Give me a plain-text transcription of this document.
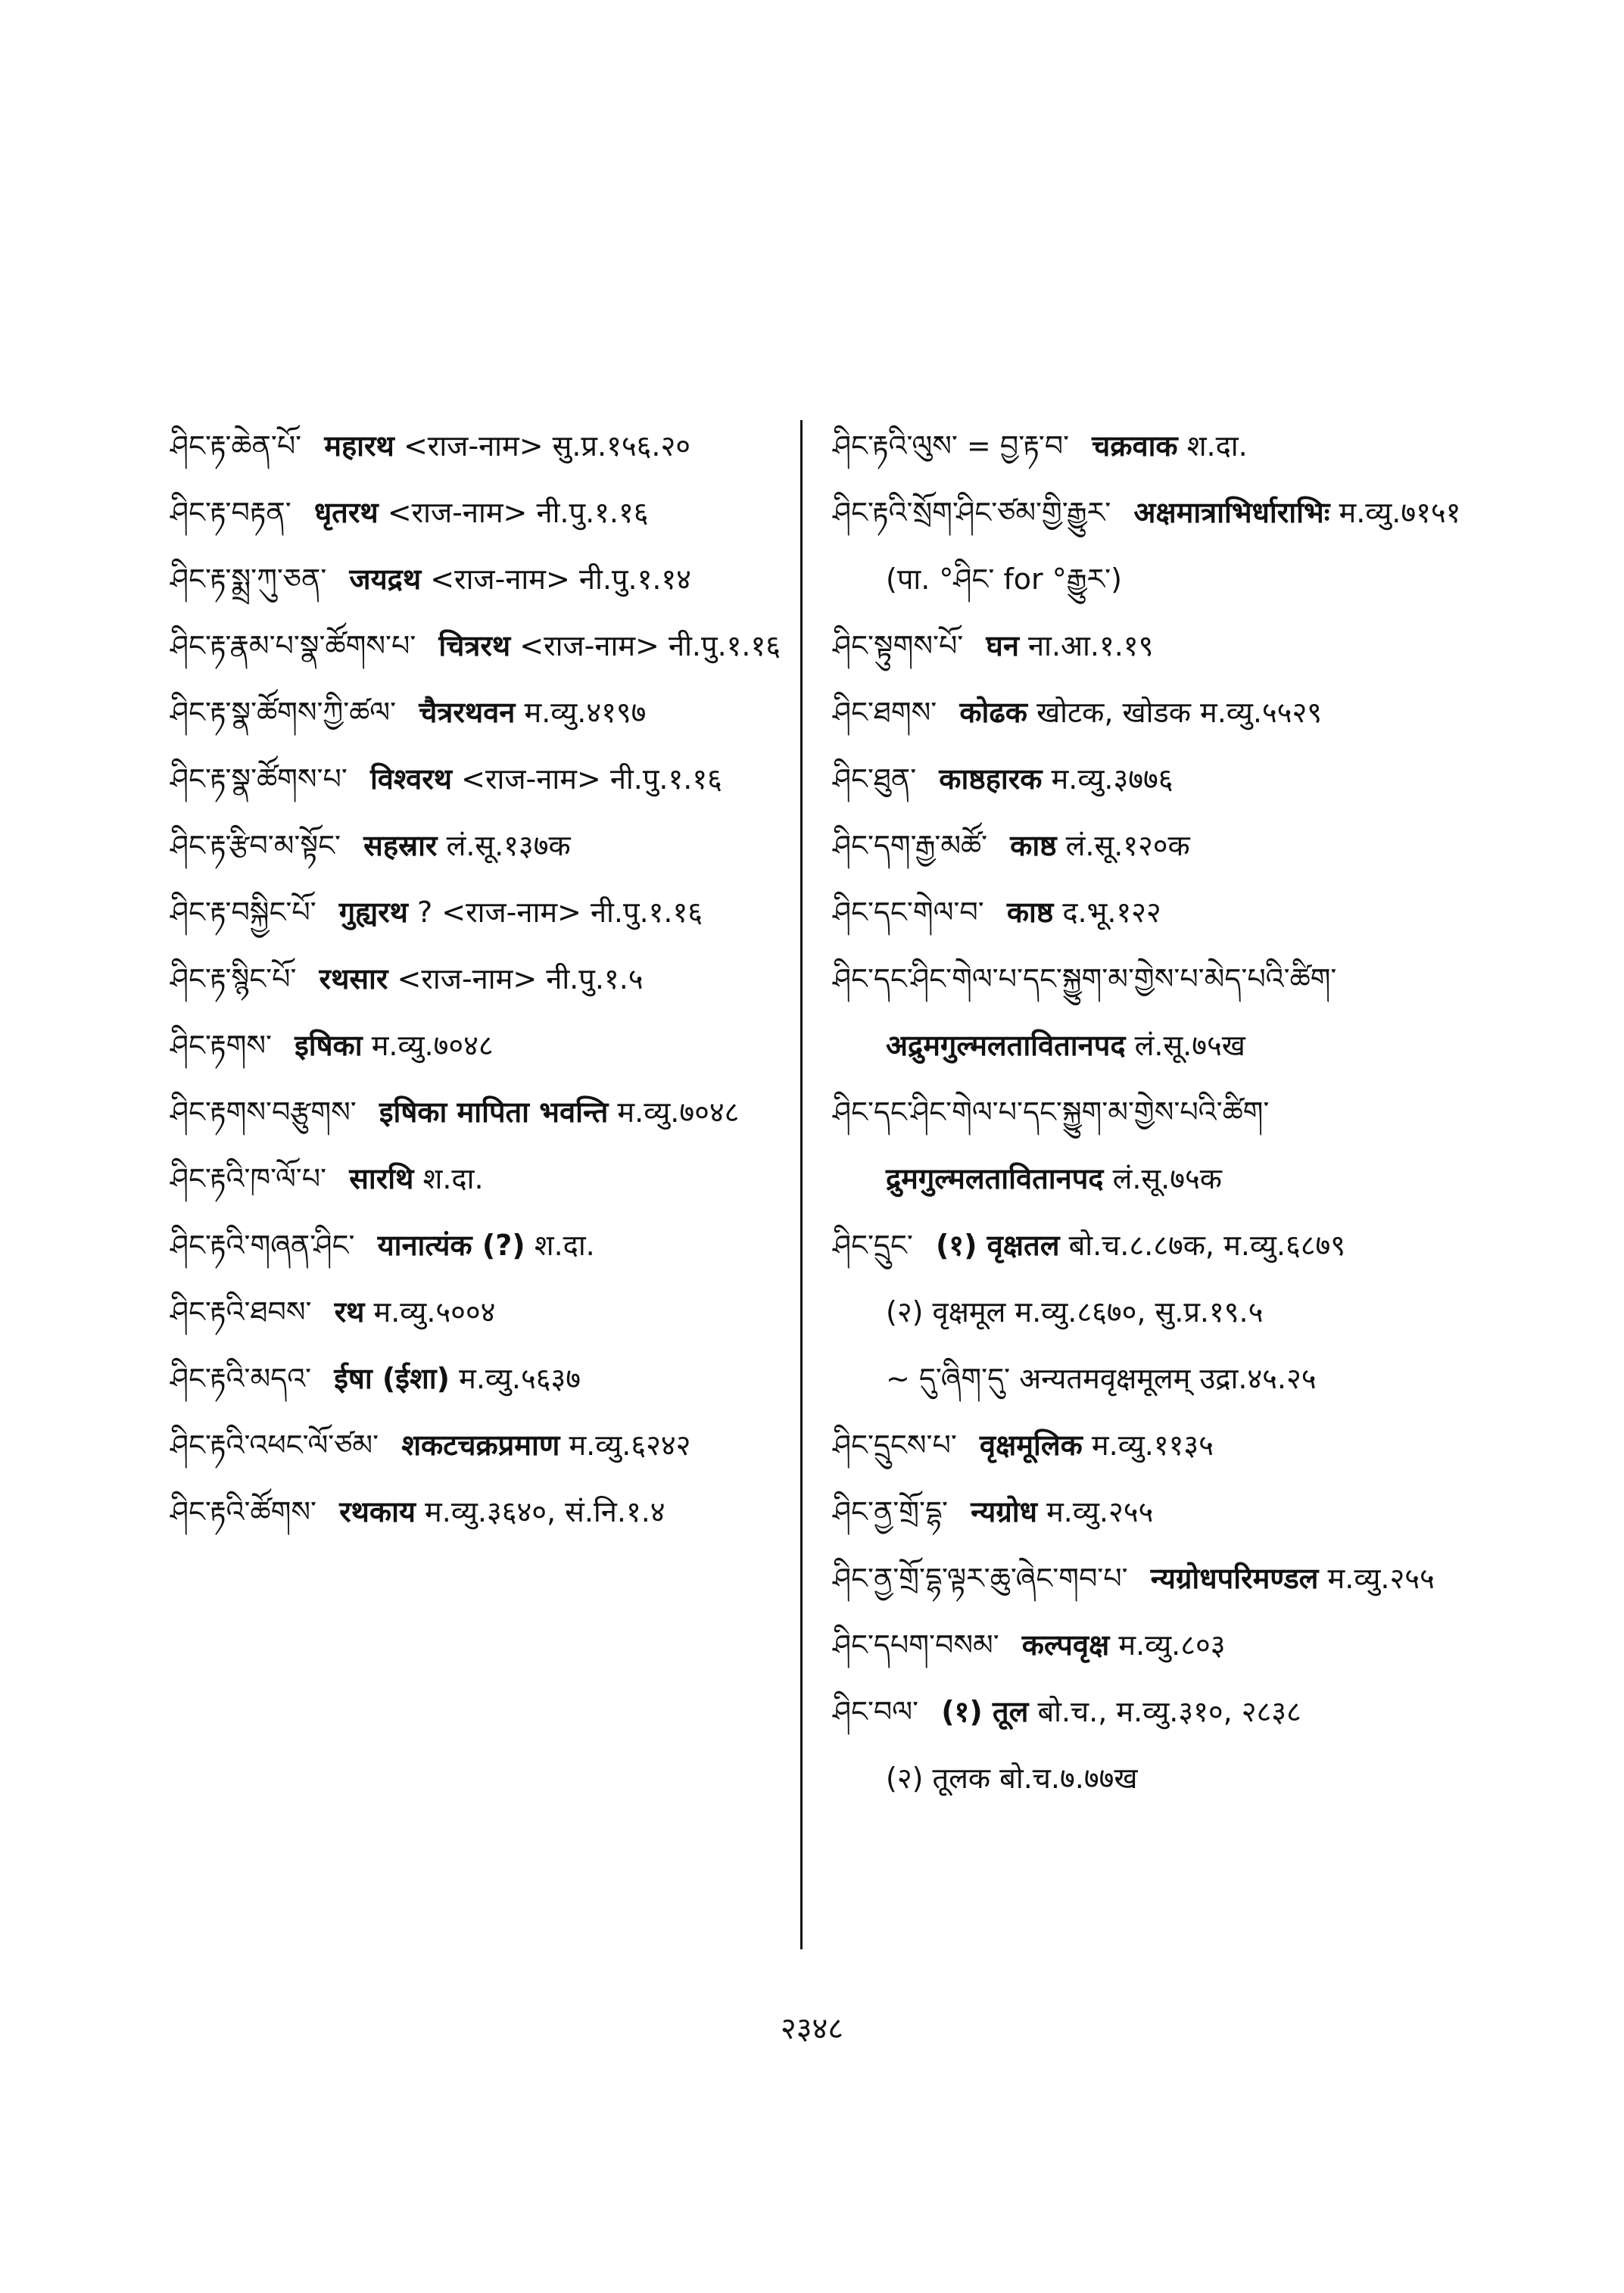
ཤིང་རྟ་ཆེན་པོ་ महारथ <राज-नाम> सु.प्र.१५६.२०
ཤིང་རྟ་བརྟན་ धृतरथ <राज-नाम> नी.पु.१.१६
ཤིང་རྟ་སྨྲ་ཀུ་ཅན་ जयद्रथ <राज-नाम> नी.पु.१.१४
ཤིང་རྟ་རྣམ་པ་སྣ་ཚོགས་པ་ चित्ररथ <राज-नाम> नी.पु.१.१६
ཤིང་རྟ་སྣ་ཚོགས་ཀྱི་ཚལ་ चैत्ररथवन म.व्यु.४१९७
ཤིང་རྟ་སྣ་ཚོགས་པ་ विश्वरथ <राज-नाम> नी.पु.१.१६
ཤིང་རྟ་རྩིབ་མ་སྟོང་ सहस्रार लं.सू.१३७क
ཤིང་རྟ་བསྐྱིང་པོ་ गुह्यरथ ? <राज-नाम> नी.पु.१.१६
ཤིང་རྟ་སྙིང་པོ་ रथसार <राज-नाम> नी.पु.१.५
ཤིང་རྟགས་ इषिका म.व्यु.७०४८
ཤིང་རྟགས་བརྩུགས་ इषिका मापिता भवन्ति म.व्यु.७०४८
ཤིང་རྟའི་ཁ་ལོ་པ་ सारथि श.दा.
ཤིང་རྟའི་གཞན་ཤིང་ यानात्यंक (?) श.दा.
ཤིང་རྟའི་ཐབས་ रथ म.व्यु.५००४
ཤིང་རྟའི་མདའ་ ईषा (ईशा) म.व्यु.५६३७
ཤིང་རྟའི་འཕང་ལོ་ཙམ་ शकटचक्रप्रमाण म.व्यु.६२४२
ཤིང་རྟའི་ཚོགས་ रथकाय म.व्यु.३६४०, सं.नि.१.४
ཤིང་རྟའི་ལུས་ = བྱ་རྟ་བ་ चक्रवाक श.दा.
ཤིང་རྟའི་སྲོག་ཤིང་ཙམ་གྱི་རྒྱུར་ अक्षमात्राभिर्धाराभिः म.व्यु.७१५१ (पा. °ཤིང་ for °རྒྱུར་)
ཤིང་སྟུགས་པོ་ घन ना.आ.१.१९
ཤིང་ཐགས་ कोढक खोटक, खोडक म.व्यु.५५२९
ཤིང་ཐུན་ काष्ठहारक म.व्यु.३७७६
ཤིང་དག་རྒྱ་མཚོ་ काष्ठ लं.सू.१२०क
ཤིང་དང་གེལ་བ་ काष्ठ द.भू.१२२
ཤིང་དང་ཤིང་གེལ་པ་དང་སྐྱུག་མ་གྱེས་པ་མེད་པའི་ཚིག་ अद्रुमगुल्मलतावितानपद लं.सू.७५ख
ཤིང་དང་ཤིང་གེལ་པ་དང་སྐྱུག་མ་གྱེས་པའི་ཚིག་ द्रुमगुल्मलतावितानपद लं.सू.७५क
ཤིང་དྲུང་ (१) वृक्षतल बो.च.८.८७क, म.व्यु.६८७९
(२) वृक्षमूल म.व्यु.८६७०, सु.प्र.१९.५
~ དུ་ཞིག་དུ་ अन्यतमवृक्षमूलम् उद्रा.४५.२५
ཤིང་དྲུངས་པ་ वृक्षमूलिक म.व्यु.११३५
ཤིང་ནྱ་གྲོ་དྷ་ न्यग्रोध म.व्यु.२५५
ཤིང་ནྱ་གྲོ་དྷ་ལྟར་ཆུ་ཞེང་གབ་པ་ न्यग्रोधपरिमण्डल म.व्यु.२५५
ཤིང་དཔག་བསམ་ कल्पवृक्ष म.व्यु.८०३
ཤིང་བལ་ (१) तूल बो.च., म.व्यु.३१०, २८३८
(२) तूलक बो.च.७.७७ख
२३४८
